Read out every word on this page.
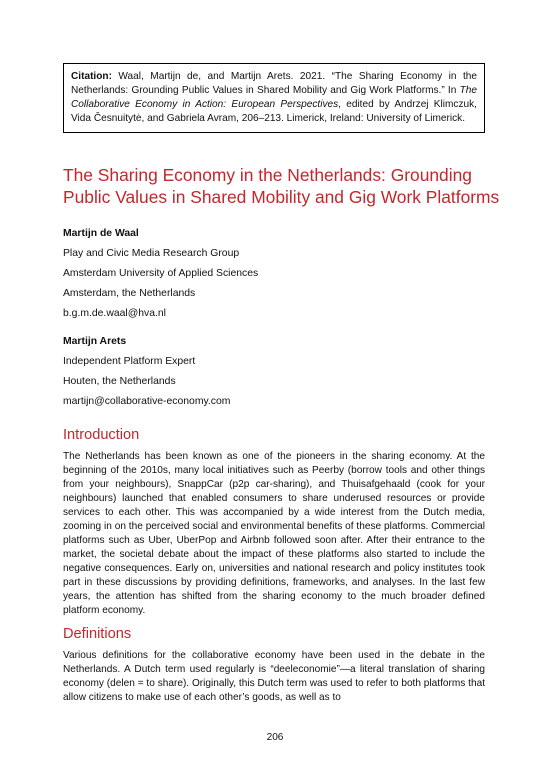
Citation: Waal, Martijn de, and Martijn Arets. 2021. “The Sharing Economy in the Netherlands: Grounding Public Values in Shared Mobility and Gig Work Platforms.” In The Collaborative Economy in Action: European Perspectives, edited by Andrzej Klimczuk, Vida Česnuitytė, and Gabriela Avram, 206–213. Limerick, Ireland: University of Limerick.
The Sharing Economy in the Netherlands: Grounding Public Values in Shared Mobility and Gig Work Platforms
Martijn de Waal
Play and Civic Media Research Group
Amsterdam University of Applied Sciences
Amsterdam, the Netherlands
b.g.m.de.waal@hva.nl
Martijn Arets
Independent Platform Expert
Houten, the Netherlands
martijn@collaborative-economy.com
Introduction

The Netherlands has been known as one of the pioneers in the sharing economy. At the beginning of the 2010s, many local initiatives such as Peerby (borrow tools and other things from your neighbours), SnappCar (p2p car-sharing), and Thuisafgehaald (cook for your neighbours) launched that enabled consumers to share underused resources or provide services to each other. This was accompanied by a wide interest from the Dutch media, zooming in on the perceived social and environmental benefits of these platforms. Commercial platforms such as Uber, UberPop and Airbnb followed soon after. After their entrance to the market, the societal debate about the impact of these platforms also started to include the negative consequences. Early on, universities and national research and policy institutes took part in these discussions by providing definitions, frameworks, and analyses. In the last few years, the attention has shifted from the sharing economy to the much broader defined platform economy.

Definitions

Various definitions for the collaborative economy have been used in the debate in the Netherlands. A Dutch term used regularly is “deeleconomie”—a literal translation of sharing economy (delen = to share). Originally, this Dutch term was used to refer to both platforms that allow citizens to make use of each other’s goods, as well as to

206
